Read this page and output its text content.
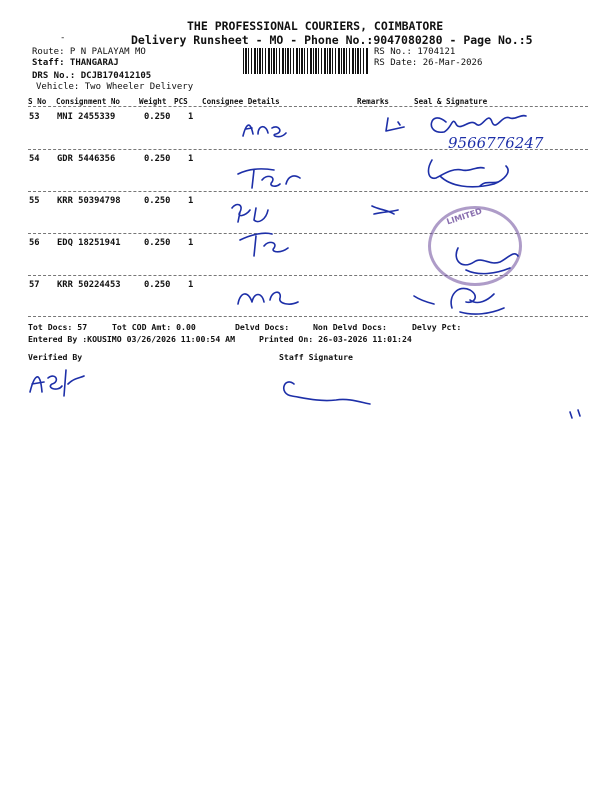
THE PROFESSIONAL COURIERS, COIMBATORE
Delivery Runsheet - MO - Phone No.:9047080280 - Page No.:5
-
Route: P N PALAYAM MO
Staff: THANGARAJ
DRS No.: DCJB170412105
Vehicle: Two Wheeler Delivery
RS No.: 1704121
RS Date: 26-Mar-2026
S No Consignment No Weight PCS Consignee Details	Remarks	Seal & Signature
53 MNI 2455339	0.250 1
54 GDR 5446356	0.250 1
55 KRR 50394798	0.250 1
56 EDQ 18251941	0.250 1
57 KRR 50224453	0.250 1
LIMITED
9566776247
Tot Docs: 57	Tot COD Amt: 0.00	Delvd Docs:	Non Delvd Docs:	Delvy Pct:
Entered By :KOUSIMO 03/26/2026 11:00:54 AM	Printed On: 26-03-2026 11:01:24
Verified By	Staff Signature
